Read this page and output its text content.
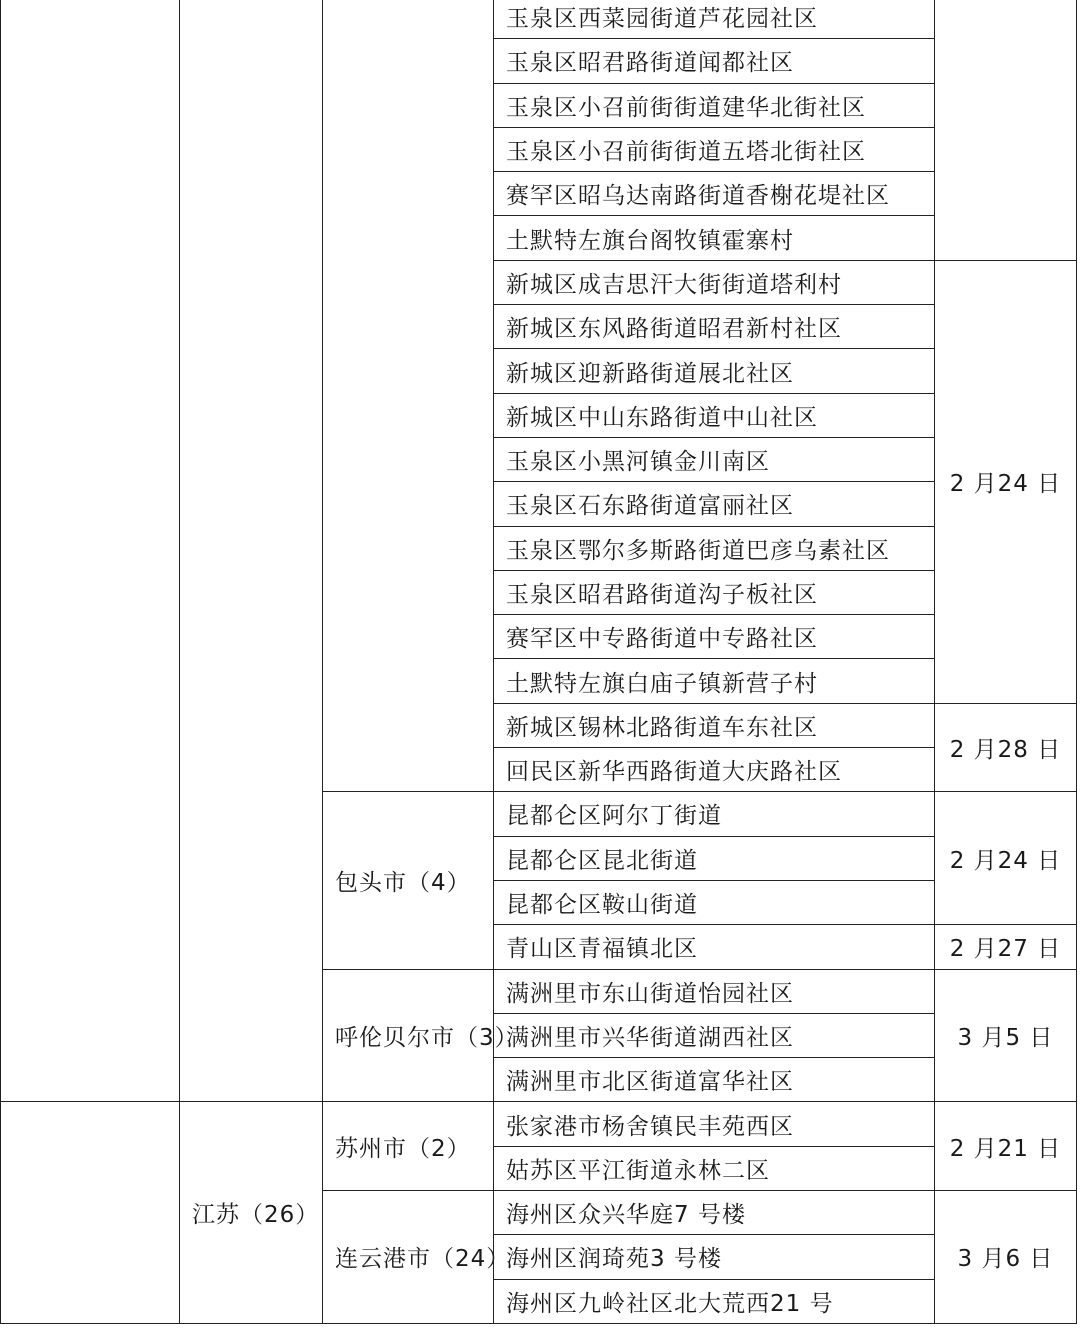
			玉泉区西菜园街道芦花园社区	
			玉泉区昭君路街道闻都社区	
			玉泉区小召前街街道建华北街社区	
			玉泉区小召前街街道五塔北街社区	
			赛罕区昭乌达南路街道香榭花堤社区	
			土默特左旗台阁牧镇霍寨村	
			新城区成吉思汗大街街道塔利村	2 月24 日
			新城区东风路街道昭君新村社区	
			新城区迎新路街道展北社区	
			新城区中山东路街道中山社区	
			玉泉区小黑河镇金川南区	
			玉泉区石东路街道富丽社区	
			玉泉区鄂尔多斯路街道巴彦乌素社区	
			玉泉区昭君路街道沟子板社区	
			赛罕区中专路街道中专路社区	
			土默特左旗白庙子镇新营子村	
			新城区锡林北路街道车东社区	2 月28 日
			回民区新华西路街道大庆路社区	
		包头市（4）	昆都仑区阿尔丁街道	2 月24 日
			昆都仑区昆北街道	
			昆都仑区鞍山街道	
			青山区青福镇北区	2 月27 日
		呼伦贝尔市（3）	满洲里市东山街道怡园社区	3 月5 日
			满洲里市兴华街道湖西社区	
			满洲里市北区街道富华社区	
	江苏（26）	苏州市（2）	张家港市杨舍镇民丰苑西区	2 月21 日
			姑苏区平江街道永林二区	
		连云港市（24）	海州区众兴华庭7 号楼	3 月6 日
			海州区润琦苑3 号楼	
			海州区九岭社区北大荒西21 号	
